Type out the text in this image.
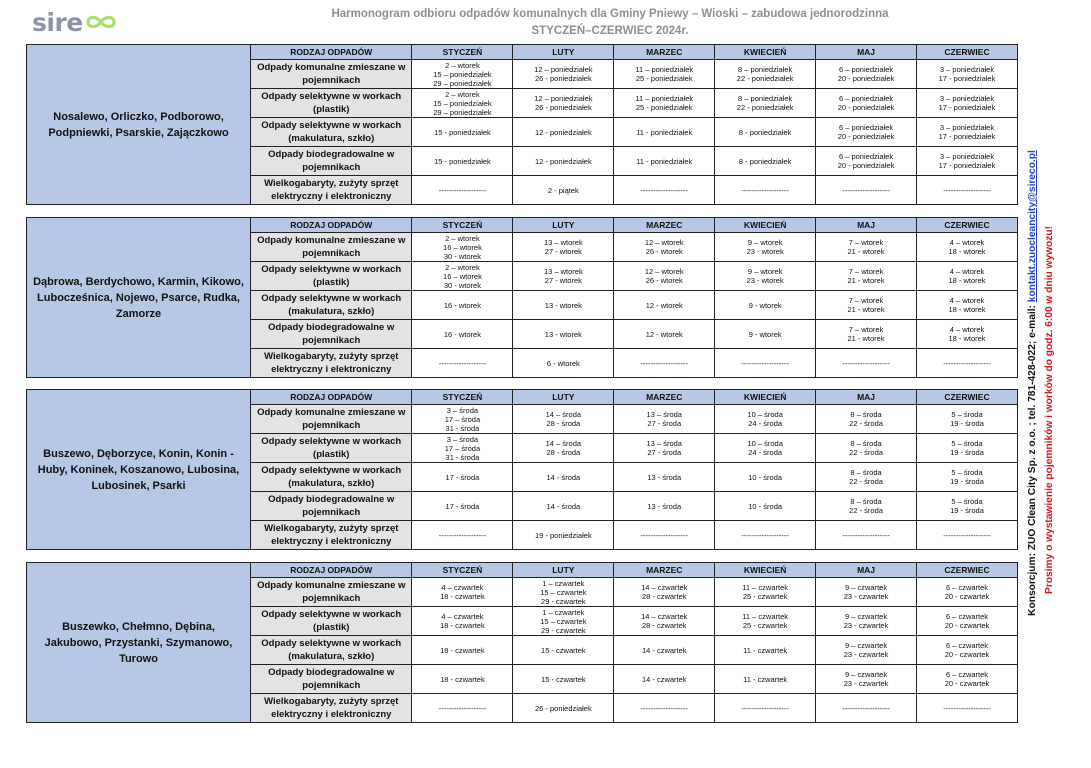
sire	Harmonogram odbioru odpadów komunalnych dla Gminy Pniewy – Wioski – zabudowa jednorodzinna
STYCZEŃ–CZERWIEC 2024r.
Nosalewo, Orliczko, Podborowo, Podpniewki, Psarskie, Zajączkowo	RODZAJ ODPADÓW	STYCZEŃ	LUTY	MARZEC	KWIECIEŃ	MAJ	CZERWIEC
	Odpady komunalne zmieszane w pojemnikach	2 – wtorek
15 – poniedziałek
29 – poniedziałek	12 – poniedziałek
26 - poniedziałek	11 – poniedziałek
25 - poniedziałek	8 – poniedziałek
22 - poniedziałek	6 – poniedziałek
20 - poniedziałek	3 – poniedziałek
17 - poniedziałek
	Odpady selektywne w workach (plastik)	2 – wtorek
15 – poniedziałek
29 – poniedziałek	12 – poniedziałek
26 - poniedziałek	11 – poniedziałek
25 - poniedziałek	8 – poniedziałek
22 - poniedziałek	6 – poniedziałek
20 - poniedziałek	3 – poniedziałek
17 - poniedziałek
	Odpady selektywne w workach (makulatura, szkło)	15 - poniedziałek	12 - poniedziałek	11 - poniedziałek	8 - poniedziałek	6 – poniedziałek
20 - poniedziałek	3 – poniedziałek
17 - poniedziałek
	Odpady biodegradowalne w pojemnikach	15 - poniedziałek	12 - poniedziałek	11 - poniedziałek	8 - poniedziałek	6 – poniedziałek
20 - poniedziałek	3 – poniedziałek
17 - poniedziałek
	Wielkogabaryty, zużyty sprzęt elektryczny i elektroniczny	-------------------	2 - piątek	-------------------	-------------------	-------------------	-------------------
Dąbrowa, Berdychowo, Karmin, Kikowo, Lubocześnica, Nojewo, Psarce, Rudka, Zamorze	RODZAJ ODPADÓW	STYCZEŃ	LUTY	MARZEC	KWIECIEŃ	MAJ	CZERWIEC
	Odpady komunalne zmieszane w pojemnikach	2 – wtorek
16 – wtorek
30 - wtorek	13 – wtorek
27 - wtorek	12 – wtorek
26 - wtorek	9 – wtorek
23 - wtorek	7 – wtorek
21 - wtorek	4 – wtorek
18 - wtorek
	Odpady selektywne w workach (plastik)	2 – wtorek
16 – wtorek
30 - wtorek	13 – wtorek
27 - wtorek	12 – wtorek
26 - wtorek	9 – wtorek
23 - wtorek	7 – wtorek
21 - wtorek	4 – wtorek
18 - wtorek
	Odpady selektywne w workach (makulatura, szkło)	16 - wtorek	13 - wtorek	12 - wtorek	9 - wtorek	7 – wtorek
21 - wtorek	4 – wtorek
18 - wtorek
	Odpady biodegradowalne w pojemnikach	16 - wtorek	13 - wtorek	12 - wtorek	9 - wtorek	7 – wtorek
21 - wtorek	4 – wtorek
18 - wtorek
	Wielkogabaryty, zużyty sprzęt elektryczny i elektroniczny	-------------------	6 - wtorek	-------------------	-------------------	-------------------	-------------------
Buszewo, Dęborzyce, Konin, Konin - Huby, Koninek, Koszanowo, Lubosina, Lubosinek, Psarki	RODZAJ ODPADÓW	STYCZEŃ	LUTY	MARZEC	KWIECIEŃ	MAJ	CZERWIEC
	Odpady komunalne zmieszane w pojemnikach	3 – środa
17 – środa
31 - środa	14 – środa
28 - środa	13 – środa
27 - środa	10 – środa
24 - środa	8 – środa
22 - środa	5 – środa
19 - środa
	Odpady selektywne w workach (plastik)	3 – środa
17 – środa
31 - środa	14 – środa
28 - środa	13 – środa
27 - środa	10 – środa
24 - środa	8 – środa
22 - środa	5 – środa
19 - środa
	Odpady selektywne w workach (makulatura, szkło)	17 - środa	14 - środa	13 - środa	10 - środa	8 – środa
22 - środa	5 – środa
19 - środa
	Odpady biodegradowalne w pojemnikach	17 - środa	14 - środa	13 - środa	10 - środa	8 – środa
22 - środa	5 – środa
19 - środa
	Wielkogabaryty, zużyty sprzęt elektryczny i elektroniczny	-------------------	19 - poniedziałek	-------------------	-------------------	-------------------	-------------------
Buszewko, Chełmno, Dębina, Jakubowo, Przystanki, Szymanowo, Turowo	RODZAJ ODPADÓW	STYCZEŃ	LUTY	MARZEC	KWIECIEŃ	MAJ	CZERWIEC
	Odpady komunalne zmieszane w pojemnikach	4 – czwartek
18 - czwartek	1 – czwartek
15 – czwartek
29 - czwartek	14 – czwartek
28 - czwartek	11 – czwartek
25 - czwartek	9 – czwartek
23 - czwartek	6 – czwartek
20 - czwartek
	Odpady selektywne w workach (plastik)	4 – czwartek
18 - czwartek	1 – czwartek
15 – czwartek
29 - czwartek	14 – czwartek
28 - czwartek	11 – czwartek
25 - czwartek	9 – czwartek
23 - czwartek	6 – czwartek
20 - czwartek
	Odpady selektywne w workach (makulatura, szkło)	18 - czwartek	15 - czwartek	14 - czwartek	11 - czwartek	9 – czwartek
23 - czwartek	6 – czwartek
20 - czwartek
	Odpady biodegradowalne w pojemnikach	18 - czwartek	15 - czwartek	14 - czwartek	11 - czwartek	9 – czwartek
23 - czwartek	6 – czwartek
20 - czwartek
	Wielkogabaryty, zużyty sprzęt elektryczny i elektroniczny	-------------------	26 - poniedziałek	-------------------	-------------------	-------------------	-------------------
Konsorcjum: ZUO Clean City Sp. z o.o. ; tel. 781-428-022; e-mail: kontakt.zuocleancity@sireco.pl Prosimy o wystawienie pojemników i worków do godz. 6:00 w dniu wywozu!
